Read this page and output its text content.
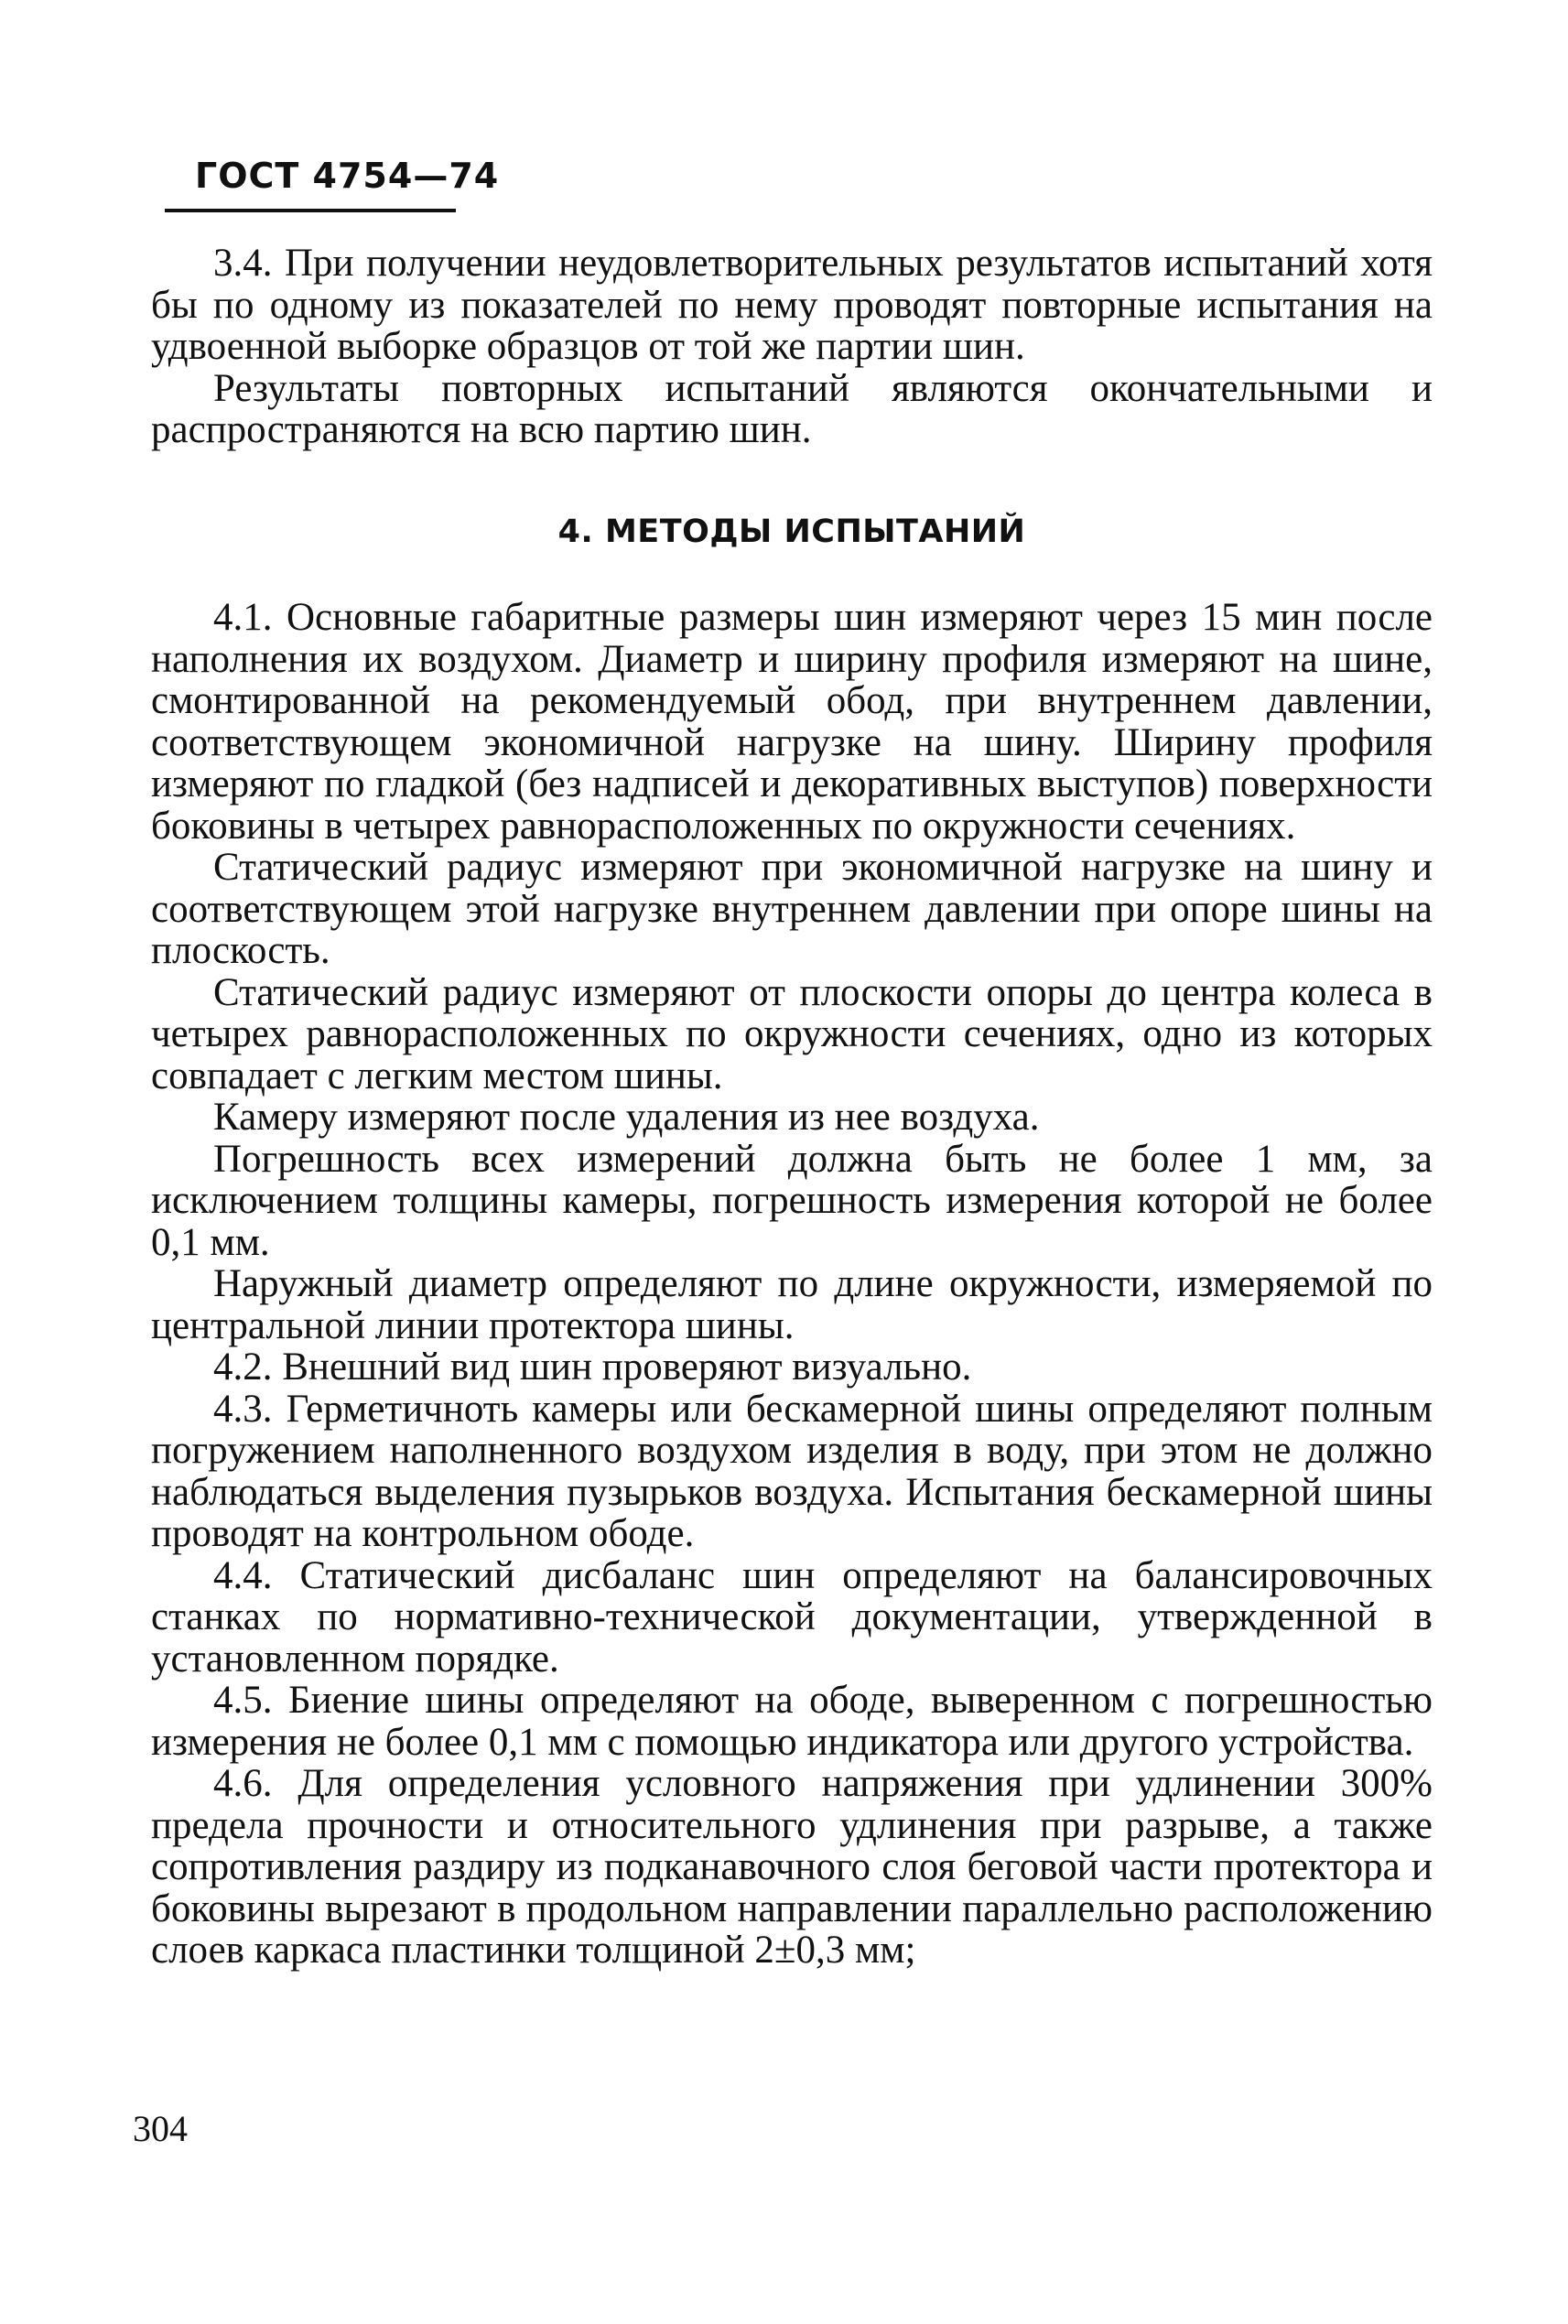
ГОСТ 4754—74

3.4. При получении неудовлетворительных результатов испытаний хотя бы по одному из показателей по нему проводят повторные испытания на удвоенной выборке образцов от той же партии шин.

Результаты повторных испытаний являются окончательными и распространяются на всю партию шин.

4. МЕТОДЫ ИСПЫТАНИЙ

4.1. Основные габаритные размеры шин измеряют через 15 мин после наполнения их воздухом. Диаметр и ширину профиля измеряют на шине, смонтированной на рекомендуемый обод, при внутреннем давлении, соответствующем экономичной нагрузке на шину. Ширину профиля измеряют по гладкой (без надписей и декоративных выступов) поверхности боковины в четырех равнорасположенных по окружности сечениях.

Статический радиус измеряют при экономичной нагрузке на шину и соответствующем этой нагрузке внутреннем давлении при опоре шины на плоскость.

Статический радиус измеряют от плоскости опоры до центра колеса в четырех равнорасположенных по окружности сечениях, одно из которых совпадает с легким местом шины.

Камеру измеряют после удаления из нее воздуха.

Погрешность всех измерений должна быть не более 1 мм, за исключением толщины камеры, погрешность измерения которой не более 0,1 мм.

Наружный диаметр определяют по длине окружности, измеряемой по центральной линии протектора шины.

4.2. Внешний вид шин проверяют визуально.

4.3. Герметичноть камеры или бескамерной шины определяют полным погружением наполненного воздухом изделия в воду, при этом не должно наблюдаться выделения пузырьков воздуха. Испытания бескамерной шины проводят на контрольном ободе.

4.4. Статический дисбаланс шин определяют на балансировочных станках по нормативно-технической документации, утвержденной в установленном порядке.

4.5. Биение шины определяют на ободе, выверенном с погрешностью измерения не более 0,1 мм с помощью индикатора или другого устройства.

4.6. Для определения условного напряжения при удлинении 300% предела прочности и относительного удлинения при разрыве, а также сопротивления раздиру из подканавочного слоя беговой части протектора и боковины вырезают в продольном направлении параллельно расположению слоев каркаса пластинки толщиной 2±0,3 мм;

304
